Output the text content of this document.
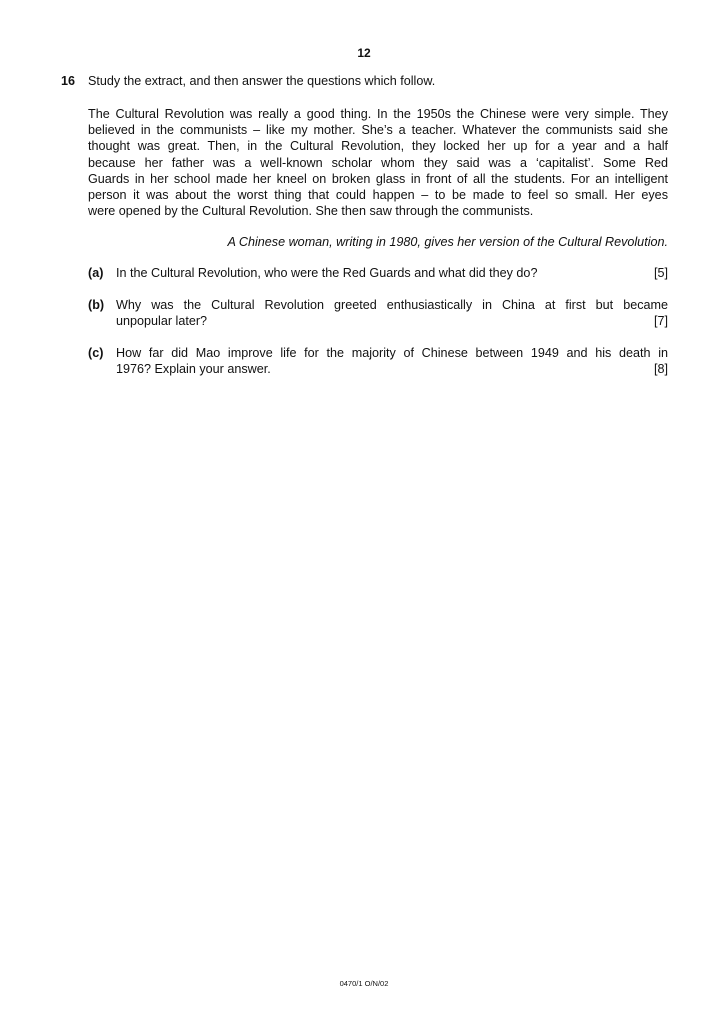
12
16 Study the extract, and then answer the questions which follow.
The Cultural Revolution was really a good thing. In the 1950s the Chinese were very simple. They
believed in the communists – like my mother. She’s a teacher. Whatever the communists said she
thought was great. Then, in the Cultural Revolution, they locked her up for a year and a half
because her father was a well-known scholar whom they said was a ‘capitalist’. Some Red
Guards in her school made her kneel on broken glass in front of all the students. For an intelligent
person it was about the worst thing that could happen – to be made to feel so small. Her eyes
were opened by the Cultural Revolution. She then saw through the communists.
A Chinese woman, writing in 1980, gives her version of the Cultural Revolution.
(a) In the Cultural Revolution, who were the Red Guards and what did they do?	[5]
(b) Why was the Cultural Revolution greeted enthusiastically in China at first but became
unpopular later?	[7]
(c) How far did Mao improve life for the majority of Chinese between 1949 and his death in
1976? Explain your answer.	[8]
0470/1 O/N/02
